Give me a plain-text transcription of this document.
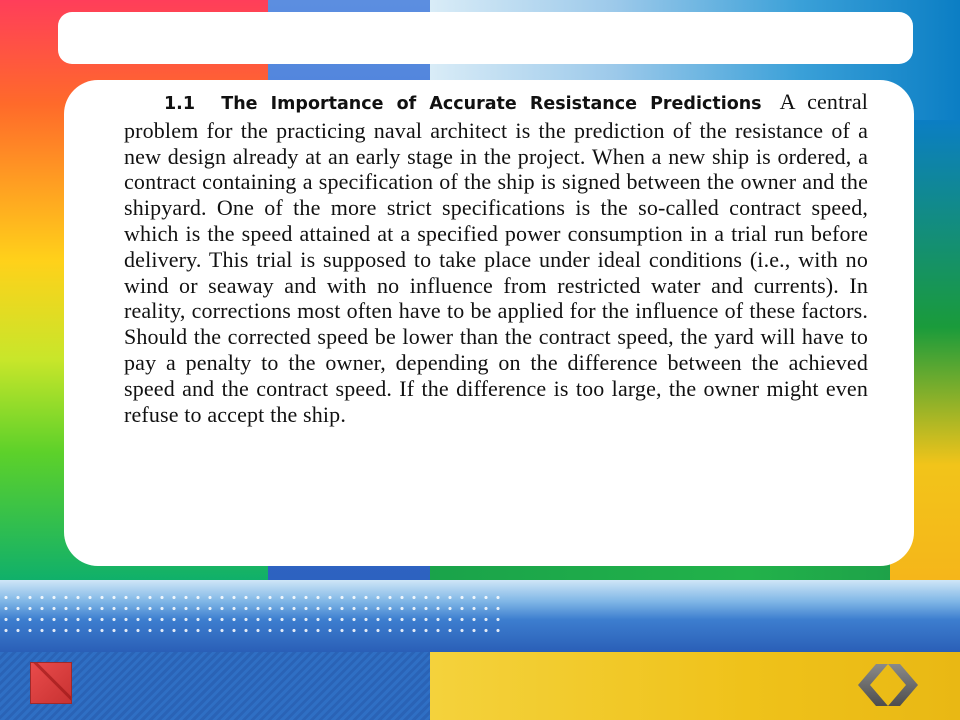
1.1 The Importance of Accurate Resistance Predictions A central problem for the practicing naval architect is the prediction of the resistance of a new design already at an early stage in the project. When a new ship is ordered, a contract containing a specification of the ship is signed between the owner and the shipyard. One of the more strict specifications is the so-called contract speed, which is the speed attained at a specified power consumption in a trial run before delivery. This trial is supposed to take place under ideal conditions (i.e., with no wind or seaway and with no influence from restricted water and currents). In reality, corrections most often have to be applied for the influence of these factors. Should the corrected speed be lower than the contract speed, the yard will have to pay a penalty to the owner, depending on the difference between the achieved speed and the contract speed. If the difference is too large, the owner might even refuse to accept the ship.
